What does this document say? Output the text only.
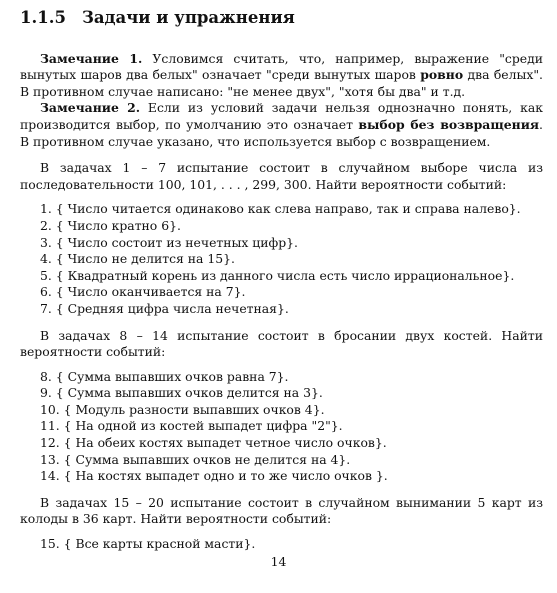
1.1.5 Задачи и упражнения

Замечание 1. Условимся считать, что, например, выражение "среди вынутых шаров два белых" означает "среди вынутых шаров ровно два белых". В противном случае написано: "не менее двух", "хотя бы два" и т.д.

Замечание 2. Если из условий задачи нельзя однозначно понять, как производится выбор, по умолчанию это означает выбор без возвращения. В противном случае указано, что используется выбор с возвращением.

В задачах 1 – 7 испытание состоит в случайном выборе числа из последовательности 100, 101, . . . , 299, 300. Найти вероятности событий:

1. { Число читается одинаково как слева направо, так и справа налево}.
2. { Число кратно 6}.
3. { Число состоит из нечетных цифр}.
4. { Число не делится на 15}.
5. { Квадратный корень из данного числа есть число иррациональное}.
6. { Число оканчивается на 7}.
7. { Средняя цифра числа нечетная}.

В задачах 8 – 14 испытание состоит в бросании двух костей. Найти вероятности событий:

8. { Сумма выпавших очков равна 7}.
9. { Сумма выпавших очков делится на 3}.
10. { Модуль разности выпавших очков 4}.
11. { На одной из костей выпадет цифра "2"}.
12. { На обеих костях выпадет четное число очков}.
13. { Сумма выпавших очков не делится на 4}.
14. { На костях выпадет одно и то же число очков }.

В задачах 15 – 20 испытание состоит в случайном вынимании 5 карт из колоды в 36 карт. Найти вероятности событий:

15. { Все карты красной масти}.
14
